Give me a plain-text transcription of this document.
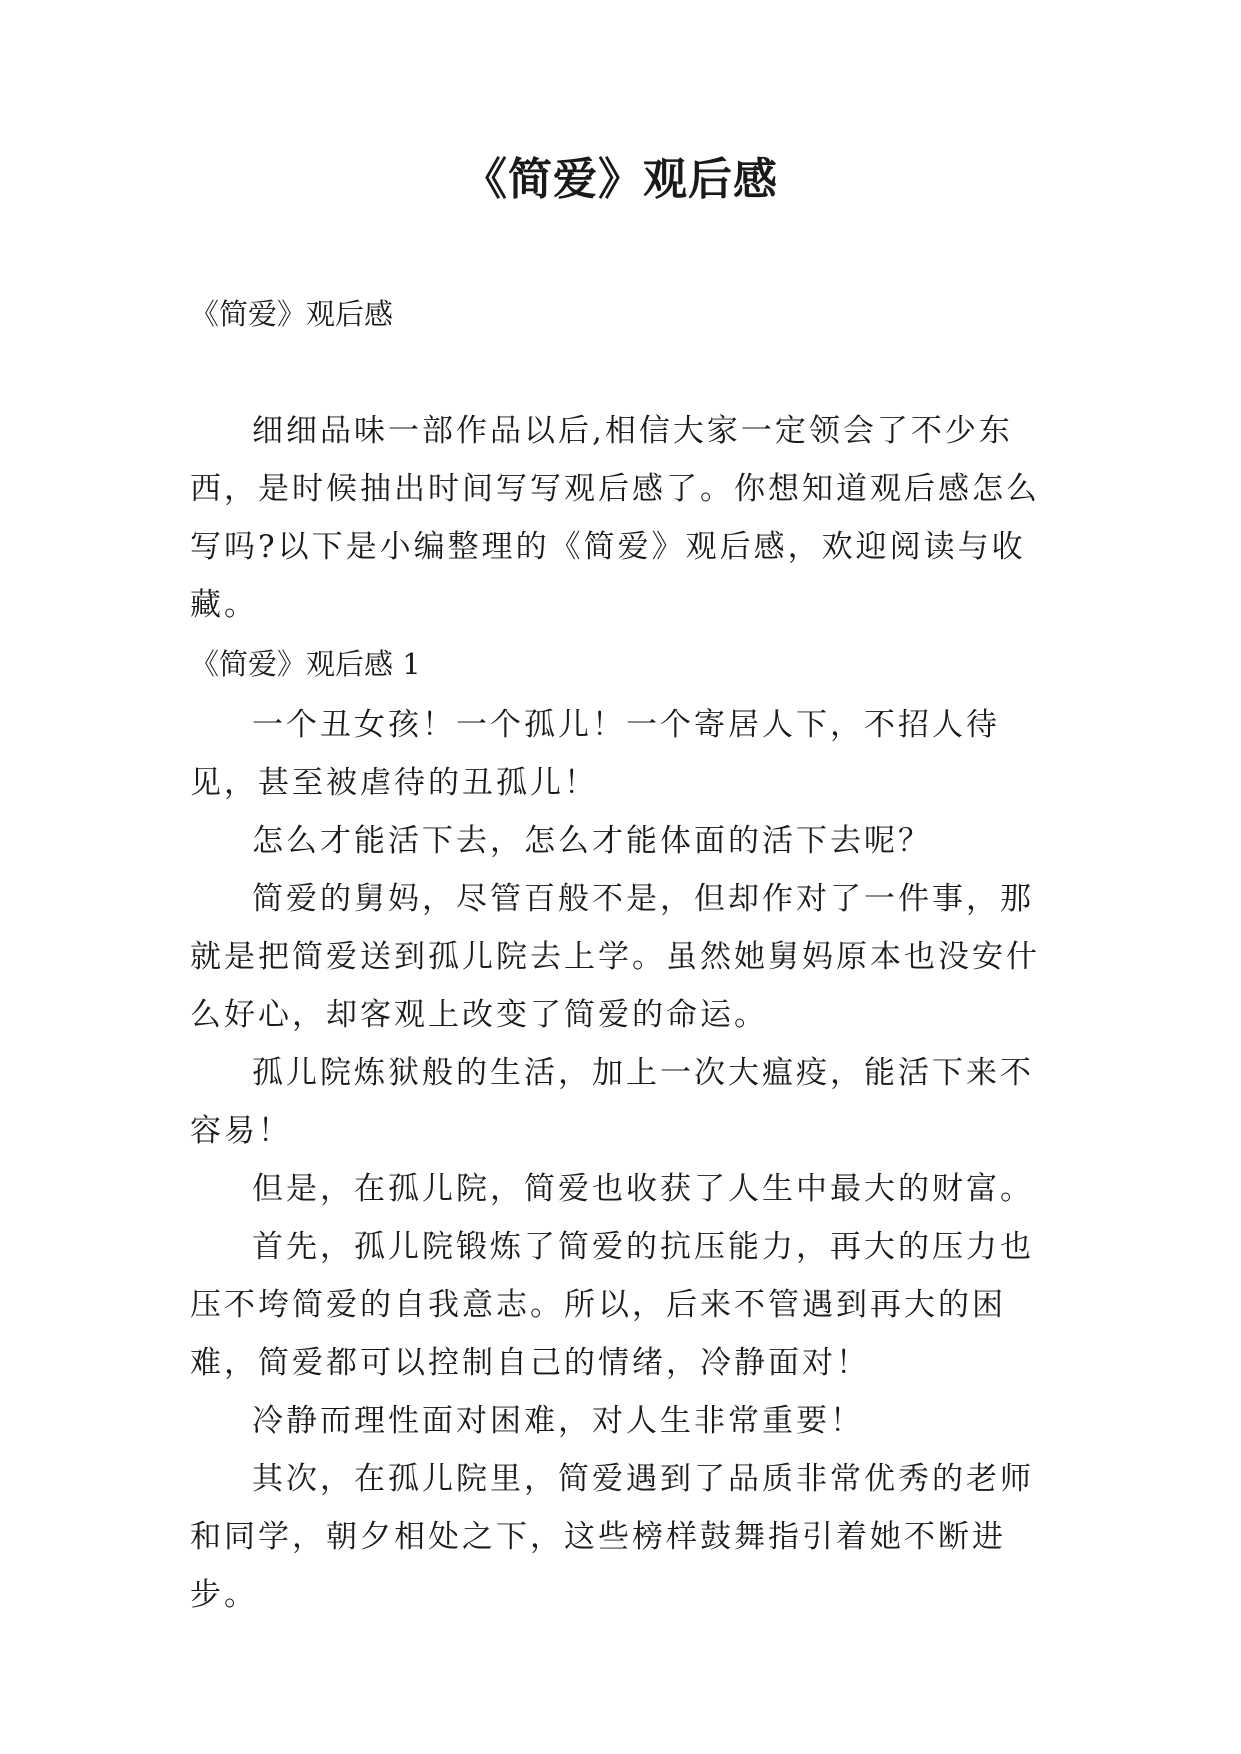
《简爱》观后感
《简爱》观后感

细细品味一部作品以后,相信大家一定领会了不少东西，是时候抽出时间写写观后感了。你想知道观后感怎么写吗?以下是小编整理的《简爱》观后感，欢迎阅读与收藏。

《简爱》观后感 1

一个丑女孩！一个孤儿！一个寄居人下，不招人待见，甚至被虐待的丑孤儿！

怎么才能活下去，怎么才能体面的活下去呢？

简爱的舅妈，尽管百般不是，但却作对了一件事，那就是把简爱送到孤儿院去上学。虽然她舅妈原本也没安什么好心，却客观上改变了简爱的命运。

孤儿院炼狱般的生活，加上一次大瘟疫，能活下来不容易！

但是，在孤儿院，简爱也收获了人生中最大的财富。

首先，孤儿院锻炼了简爱的抗压能力，再大的压力也压不垮简爱的自我意志。所以，后来不管遇到再大的困难，简爱都可以控制自己的情绪，冷静面对！

冷静而理性面对困难，对人生非常重要！

其次，在孤儿院里，简爱遇到了品质非常优秀的老师和同学，朝夕相处之下，这些榜样鼓舞指引着她不断进步。
